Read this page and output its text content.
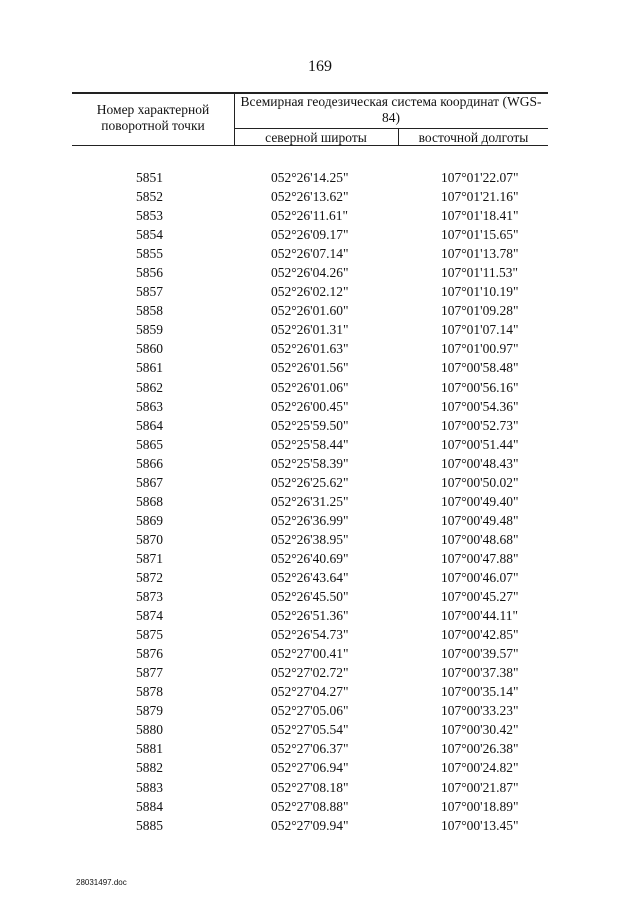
169
Номер характерной поворотной точки
Всемирная геодезическая система координат (WGS-84)
северной широты	восточной долготы
5851	052°26'14.25"	107°01'22.07"
5852	052°26'13.62"	107°01'21.16"
5853	052°26'11.61"	107°01'18.41"
5854	052°26'09.17"	107°01'15.65"
5855	052°26'07.14"	107°01'13.78"
5856	052°26'04.26"	107°01'11.53"
5857	052°26'02.12"	107°01'10.19"
5858	052°26'01.60"	107°01'09.28"
5859	052°26'01.31"	107°01'07.14"
5860	052°26'01.63"	107°01'00.97"
5861	052°26'01.56"	107°00'58.48"
5862	052°26'01.06"	107°00'56.16"
5863	052°26'00.45"	107°00'54.36"
5864	052°25'59.50"	107°00'52.73"
5865	052°25'58.44"	107°00'51.44"
5866	052°25'58.39"	107°00'48.43"
5867	052°26'25.62"	107°00'50.02"
5868	052°26'31.25"	107°00'49.40"
5869	052°26'36.99"	107°00'49.48"
5870	052°26'38.95"	107°00'48.68"
5871	052°26'40.69"	107°00'47.88"
5872	052°26'43.64"	107°00'46.07"
5873	052°26'45.50"	107°00'45.27"
5874	052°26'51.36"	107°00'44.11"
5875	052°26'54.73"	107°00'42.85"
5876	052°27'00.41"	107°00'39.57"
5877	052°27'02.72"	107°00'37.38"
5878	052°27'04.27"	107°00'35.14"
5879	052°27'05.06"	107°00'33.23"
5880	052°27'05.54"	107°00'30.42"
5881	052°27'06.37"	107°00'26.38"
5882	052°27'06.94"	107°00'24.82"
5883	052°27'08.18"	107°00'21.87"
5884	052°27'08.88"	107°00'18.89"
5885	052°27'09.94"	107°00'13.45"
28031497.doc
